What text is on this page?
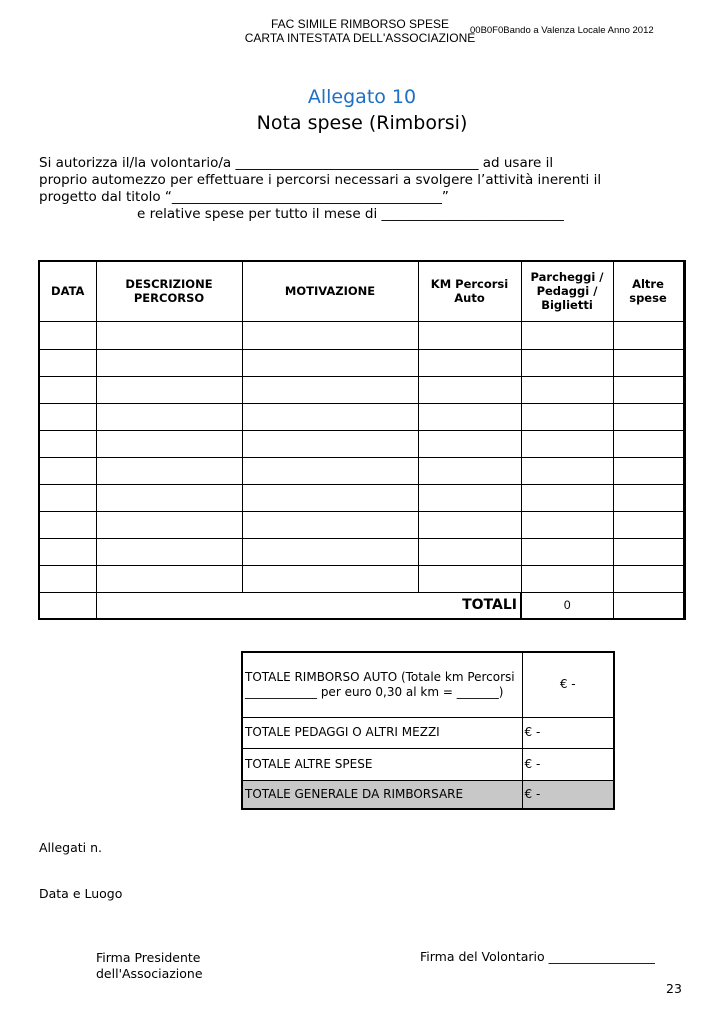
FAC SIMILE RIMBORSO SPESE
CARTA INTESTATA DELL'ASSOCIAZIONE
00B0F0Bando a Valenza Locale Anno 2012
Allegato 10
Nota spese (Rimborsi)
Si autorizza il/la volontario/a ____________________________________ ad usare il
proprio automezzo per effettuare i percorsi necessari a svolgere l’attività inerenti il
progetto dal titolo “________________________________________”
e relative spese per tutto il mese di ___________________________
DATA	DESCRIZIONE PERCORSO	MOTIVAZIONE	KM Percorsi Auto	Parcheggi / Pedaggi / Biglietti	Altre spese	

	TOTALI			0		
TOTALE RIMBORSO AUTO (Totale km Percorsi ____________ per euro 0,30 al km = _______)	€ -
TOTALE PEDAGGI O ALTRI MEZZI	€ -
TOTALE ALTRE SPESE	€ -
TOTALE GENERALE DA RIMBORSARE	€ -
Allegati n.
Data e Luogo
Firma Presidente
dell'Associazione
Firma del Volontario _________________
23
